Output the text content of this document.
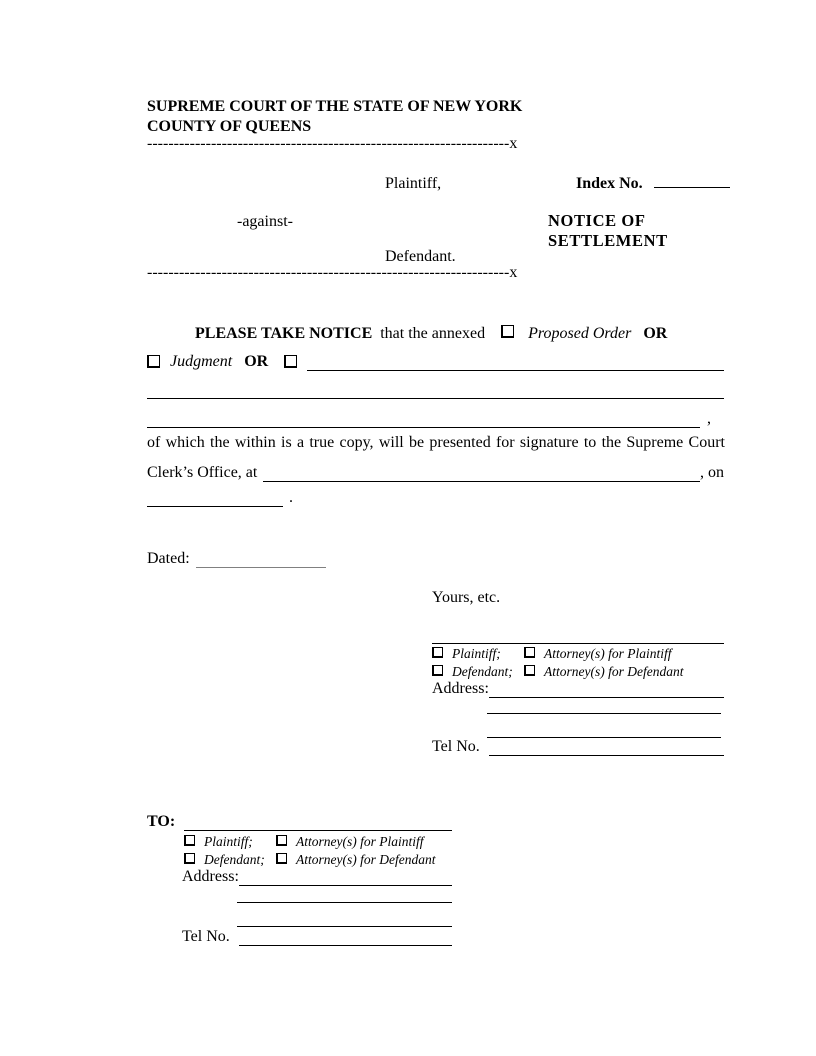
SUPREME COURT OF THE STATE OF NEW YORK
COUNTY OF QUEENS
--------------------------------------------------------------------x
Plaintiff,	Index No.
-against-	NOTICE OF
SETTLEMENT
Defendant.
--------------------------------------------------------------------x
PLEASE TAKE NOTICE that the annexed	Proposed Order OR
Judgment OR
,
of which the within is a true copy, will be presented for signature to the Supreme Court
Clerk’s Office, at	, on
.
Dated:
Yours, etc.
Plaintiff;	Attorney(s) for Plaintiff
Defendant; Attorney(s) for Defendant
Address:
Tel No.
TO:
Plaintiff;	Attorney(s) for Plaintiff
Defendant; Attorney(s) for Defendant
Address:
Tel No.
